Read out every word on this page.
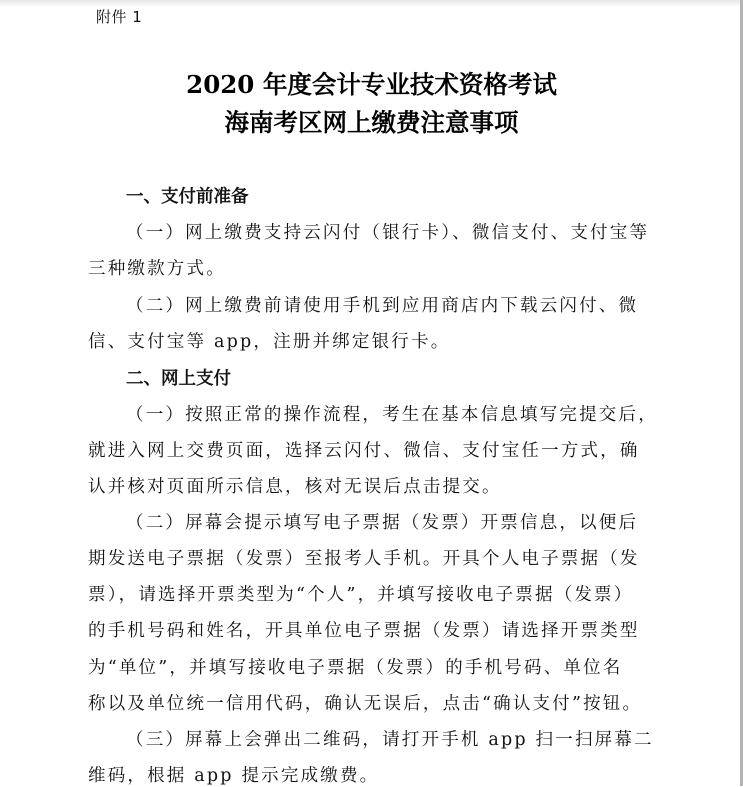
附件 1
2020 年度会计专业技术资格考试
海南考区网上缴费注意事项
一、支付前准备
（一）网上缴费支持云闪付（银行卡）、微信支付、支付宝等
三种缴款方式。
（二）网上缴费前请使用手机到应用商店内下载云闪付、微
信、支付宝等 app，注册并绑定银行卡。
二、网上支付
（一）按照正常的操作流程，考生在基本信息填写完提交后，
就进入网上交费页面，选择云闪付、微信、支付宝任一方式，确
认并核对页面所示信息，核对无误后点击提交。
（二）屏幕会提示填写电子票据（发票）开票信息，以便后
期发送电子票据（发票）至报考人手机。开具个人电子票据（发
票），请选择开票类型为“个人”，并填写接收电子票据（发票）
的手机号码和姓名，开具单位电子票据（发票）请选择开票类型
为“单位”，并填写接收电子票据（发票）的手机号码、单位名
称以及单位统一信用代码，确认无误后，点击“确认支付”按钮。
（三）屏幕上会弹出二维码，请打开手机 app 扫一扫屏幕二
维码，根据 app 提示完成缴费。
